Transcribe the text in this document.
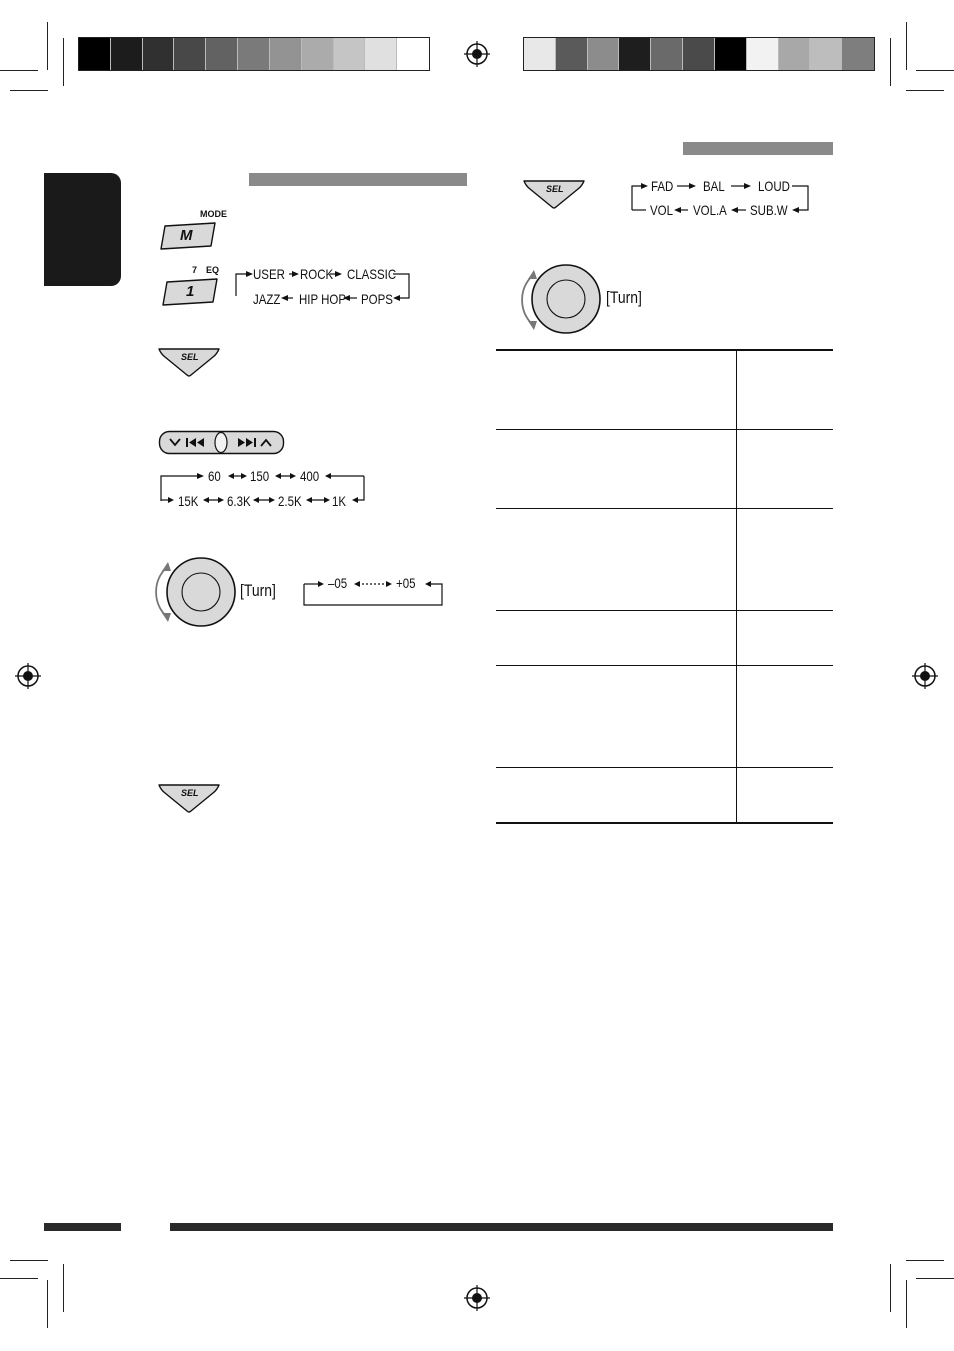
MODE
M
7 EQ
1
USER ROCK CLASSIC
JAZZ HIP HOP POPS
SEL
60 150 400
15K 6.3K 2.5K 1K
[Turn]	–05	+05
SEL
SEL	FAD BAL LOUD
VOL VOL.A SUB.W
[Turn]
